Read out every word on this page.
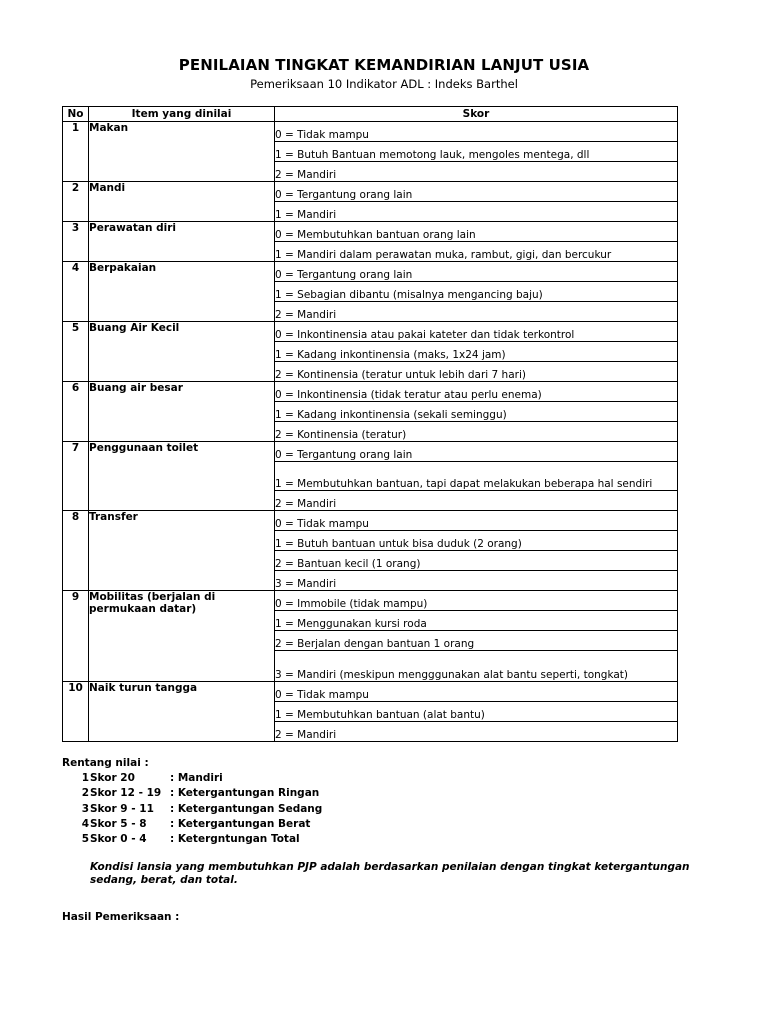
PENILAIAN TINGKAT KEMANDIRIAN LANJUT USIA
Pemeriksaan 10 Indikator ADL : Indeks Barthel
No	Item yang dinilai	Skor
1	Makan	0 = Tidak mampu
		1 = Butuh Bantuan memotong lauk, mengoles mentega, dll
		2 = Mandiri
2	Mandi	0 = Tergantung orang lain
		1 = Mandiri
3	Perawatan diri	0 = Membutuhkan bantuan orang lain
		1 = Mandiri dalam perawatan muka, rambut, gigi, dan bercukur
4	Berpakaian	0 = Tergantung orang lain
		1 = Sebagian dibantu (misalnya mengancing baju)
		2 = Mandiri
5	Buang Air Kecil	0 = Inkontinensia atau pakai kateter dan tidak terkontrol
		1 = Kadang inkontinensia (maks, 1x24 jam)
		2 = Kontinensia (teratur untuk lebih dari 7 hari)
6	Buang air besar	0 = Inkontinensia (tidak teratur atau perlu enema)
		1 = Kadang inkontinensia (sekali seminggu)
		2 = Kontinensia (teratur)
7	Penggunaan toilet	0 = Tergantung orang lain
		1 = Membutuhkan bantuan, tapi dapat melakukan beberapa hal sendiri
		2 = Mandiri
8	Transfer	0 = Tidak mampu
		1 = Butuh bantuan untuk bisa duduk (2 orang)
		2 = Bantuan kecil (1 orang)
		3 = Mandiri
9	Mobilitas (berjalan di permukaan datar)	0 = Immobile (tidak mampu)
		1 = Menggunakan kursi roda
		2 = Berjalan dengan bantuan 1 orang
		3 = Mandiri (meskipun mengggunakan alat bantu seperti, tongkat)
10	Naik turun tangga	0 = Tidak mampu
		1 = Membutuhkan bantuan (alat bantu)
		2 = Mandiri
Rentang nilai :
1 Skor 20	: Mandiri
2 Skor 12 - 19 : Ketergantungan Ringan
3 Skor 9 - 11	: Ketergantungan Sedang
4 Skor 5 - 8	: Ketergantungan Berat
5 Skor 0 - 4	: Ketergntungan Total
Kondisi lansia yang membutuhkan PJP adalah berdasarkan penilaian dengan tingkat ketergantungan sedang, berat, dan total.
Hasil Pemeriksaan :
